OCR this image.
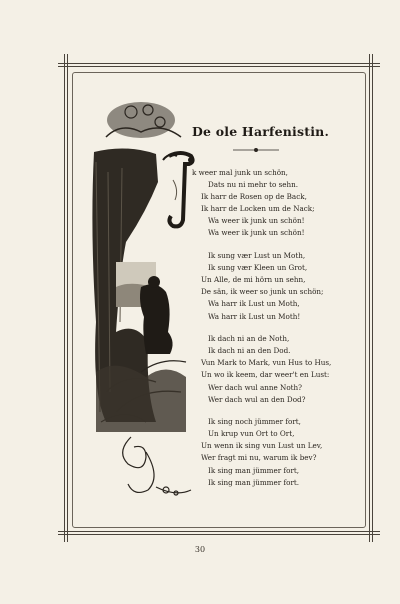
De ole Harfenistin.
k weer mal junk un schön,
Dats nu ni mehr to sehn.
Ik harr de Rosen op de Back,
Ik harr de Locken um de Nack;
Wa weer ik junk un schön!
Wa weer ik junk un schön!
Ik sung vær Lust un Moth,
Ik sung vær Kleen un Grot,
Un Alle, de mi hörn un sehn,
De sän, ik weer so junk un schön;
Wa harr ik Lust un Moth,
Wa harr ik Lust un Moth!
Ik dach ni an de Noth,
Ik dach ni an den Dod.
Vun Mark to Mark, vun Hus to Hus,
Un wo ik keem, dar weer't en Lust:
Wer dach wul anne Noth?
Wer dach wul an den Dod?
Ik sing noch jümmer fort,
Un krup vun Ort to Ort,
Un wenn ik sing vun Lust un Lev,
Wer fragt mi nu, warum ik bev?
Ik sing man jümmer fort,
Ik sing man jümmer fort.
30
